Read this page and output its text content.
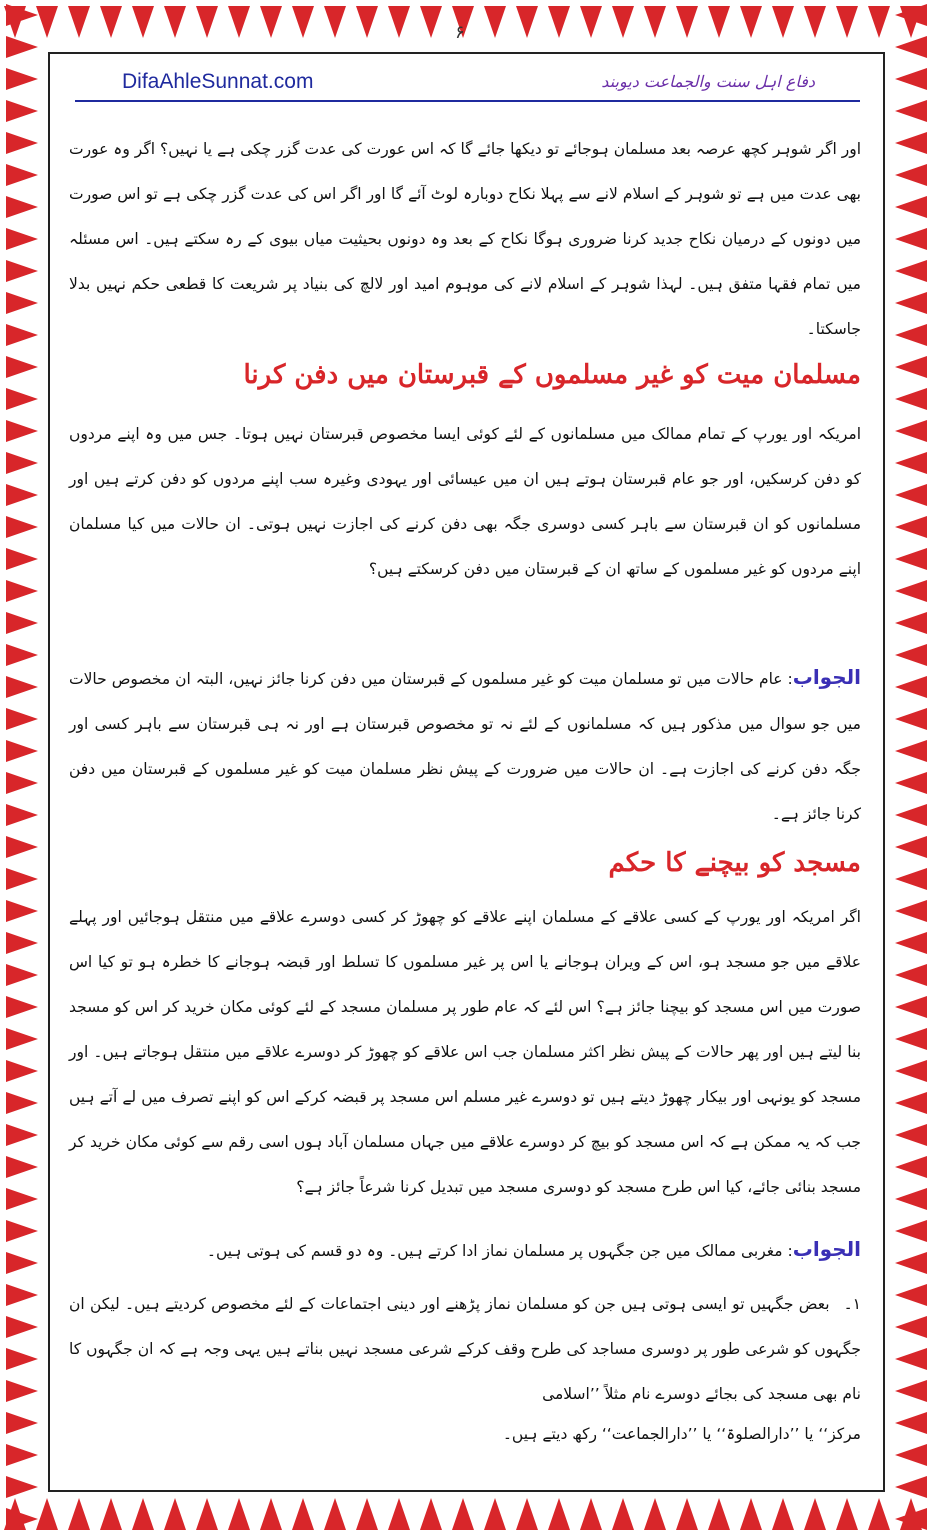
۶
DifaAhleSunnat.com	دفاع اہل سنت والجماعت دیوبند
اور اگر شوہر کچھ عرصہ بعد مسلمان ہوجائے تو دیکھا جائے گا کہ اس عورت کی عدت گزر چکی ہے یا نہیں؟ اگر وہ عورت بھی عدت میں ہے تو شوہر کے اسلام لانے سے پہلا نکاح دوبارہ لوٹ آئے گا اور اگر اس کی عدت گزر چکی ہے تو اس صورت میں دونوں کے درمیان نکاح جدید کرنا ضروری ہوگا نکاح کے بعد وہ دونوں بحیثیت میاں بیوی کے رہ سکتے ہیں۔ اس مسئلہ میں تمام فقہا متفق ہیں۔ لہذا شوہر کے اسلام لانے کی موہوم امید اور لالچ کی بنیاد پر شریعت کا قطعی حکم نہیں بدلا جاسکتا۔
مسلمان میت کو غیر مسلموں کے قبرستان میں دفن کرنا
امریکہ اور یورپ کے تمام ممالک میں مسلمانوں کے لئے کوئی ایسا مخصوص قبرستان نہیں ہوتا۔ جس میں وہ اپنے مردوں کو دفن کرسکیں، اور جو عام قبرستان ہوتے ہیں ان میں عیسائی اور یہودی وغیرہ سب اپنے مردوں کو دفن کرتے ہیں اور مسلمانوں کو ان قبرستان سے باہر کسی دوسری جگہ بھی دفن کرنے کی اجازت نہیں ہوتی۔ ان حالات میں کیا مسلمان اپنے مردوں کو غیر مسلموں کے ساتھ ان کے قبرستان میں دفن کرسکتے ہیں؟
الجواب: عام حالات میں تو مسلمان میت کو غیر مسلموں کے قبرستان میں دفن کرنا جائز نہیں، البتہ ان مخصوص حالات میں جو سوال میں مذکور ہیں کہ مسلمانوں کے لئے نہ تو مخصوص قبرستان ہے اور نہ ہی قبرستان سے باہر کسی اور جگہ دفن کرنے کی اجازت ہے۔ ان حالات میں ضرورت کے پیش نظر مسلمان میت کو غیر مسلموں کے قبرستان میں دفن کرنا جائز ہے۔
مسجد کو بیچنے کا حکم
اگر امریکہ اور یورپ کے کسی علاقے کے مسلمان اپنے علاقے کو چھوڑ کر کسی دوسرے علاقے میں منتقل ہوجائیں اور پہلے علاقے میں جو مسجد ہو، اس کے ویران ہوجانے یا اس پر غیر مسلموں کا تسلط اور قبضہ ہوجانے کا خطرہ ہو تو کیا اس صورت میں اس مسجد کو بیچنا جائز ہے؟ اس لئے کہ عام طور پر مسلمان مسجد کے لئے کوئی مکان خرید کر اس کو مسجد بنا لیتے ہیں اور پھر حالات کے پیش نظر اکثر مسلمان جب اس علاقے کو چھوڑ کر دوسرے علاقے میں منتقل ہوجاتے ہیں۔ اور مسجد کو یونہی اور بیکار چھوڑ دیتے ہیں تو دوسرے غیر مسلم اس مسجد پر قبضہ کرکے اس کو اپنے تصرف میں لے آتے ہیں جب کہ یہ ممکن ہے کہ اس مسجد کو بیچ کر دوسرے علاقے میں جہاں مسلمان آباد ہوں اسی رقم سے کوئی مکان خرید کر مسجد بنائی جائے، کیا اس طرح مسجد کو دوسری مسجد میں تبدیل کرنا شرعاً جائز ہے؟
الجواب: مغربی ممالک میں جن جگہوں پر مسلمان نماز ادا کرتے ہیں۔ وہ دو قسم کی ہوتی ہیں۔
۱۔بعض جگہیں تو ایسی ہوتی ہیں جن کو مسلمان نماز پڑھنے اور دینی اجتماعات کے لئے مخصوص کردیتے ہیں۔ لیکن ان جگہوں کو شرعی طور پر دوسری مساجد کی طرح وقف کرکے شرعی مسجد نہیں بناتے ہیں یہی وجہ ہے کہ ان جگہوں کا نام بھی مسجد کی بجائے دوسرے نام مثلاً ’’اسلامی
مرکز‘‘ یا ’’دارالصلوۃ‘‘ یا ’’دارالجماعت‘‘ رکھ دیتے ہیں۔
